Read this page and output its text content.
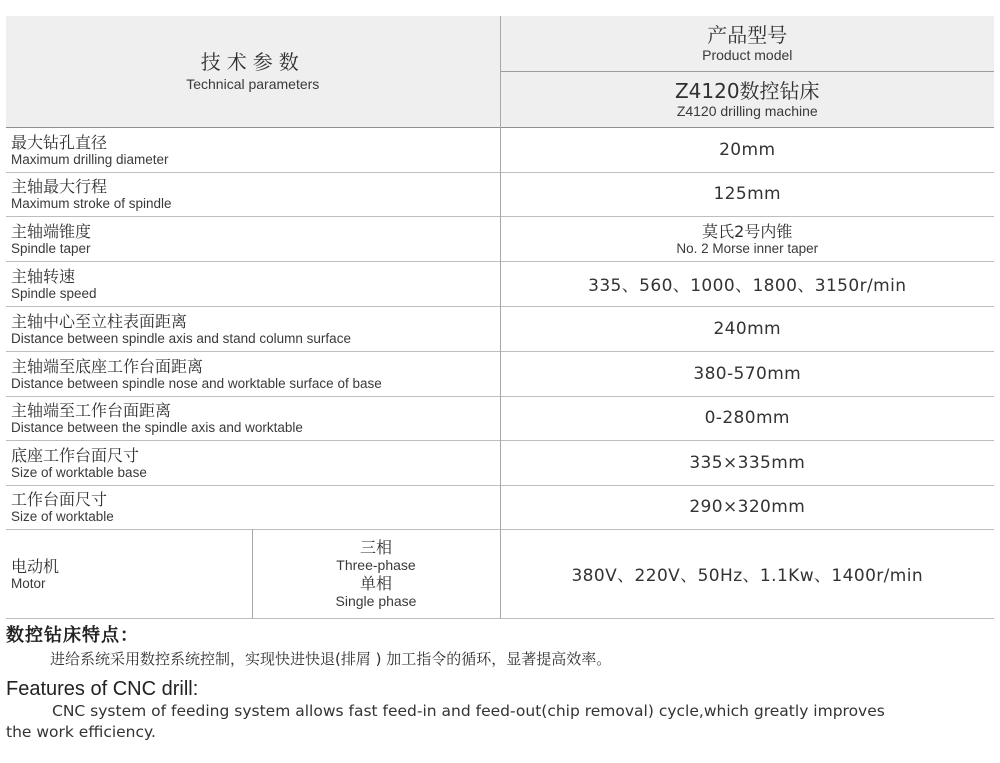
技术参数
Technical parameters		产品型号
Product model

		Z4120数控钻床
Z4120 drilling machine

最大钻孔直径
Maximum drilling diameter		20mm

主轴最大行程
Maximum stroke of spindle		125mm

主轴端锥度
Spindle taper		莫氏2号内锥
No. 2 Morse inner taper

主轴转速
Spindle speed		335、560、1000、1800、3150r/min

主轴中心至立柱表面距离
Distance between spindle axis and stand column surface		240mm

主轴端至底座工作台面距离
Distance between spindle nose and worktable surface of base		380-570mm

主轴端至工作台面距离
Distance between the spindle axis and worktable		0-280mm

底座工作台面尺寸
Size of worktable base		335×335mm

工作台面尺寸
Size of worktable		290×320mm

电动机
Motor	三相
Three-phase
单相
Single phase	380V、220V、50Hz、1.1Kw、1400r/min
数控钻床特点：
进给系统采用数控系统控制，实现快进快退(排屑 ) 加工指令的循环，显著提高效率。
Features of CNC drill:
CNC system of feeding system allows fast feed-in and feed-out(chip removal) cycle,which greatly improves
the work efficiency.
